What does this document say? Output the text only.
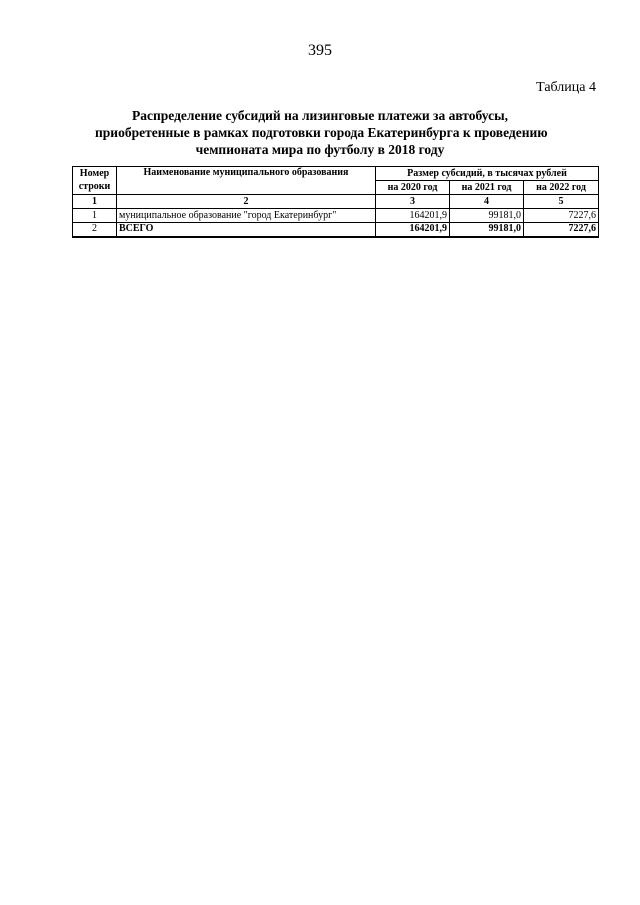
395
Таблица 4
Распределение субсидий на лизинговые платежи за автобусы,
приобретенные в рамках подготовки города Екатеринбурга к проведению
чемпионата мира по футболу в 2018 году
Номер	Наименование муниципального образования	Размер субсидий, в тысячах рублей		
строки		на 2020 год	на 2021 год	на 2022 год
1	2	3	4	5
1	муниципальное образование "город Екатеринбург"	164201,9	99181,0	7227,6
2	ВСЕГО	164201,9	99181,0	7227,6
